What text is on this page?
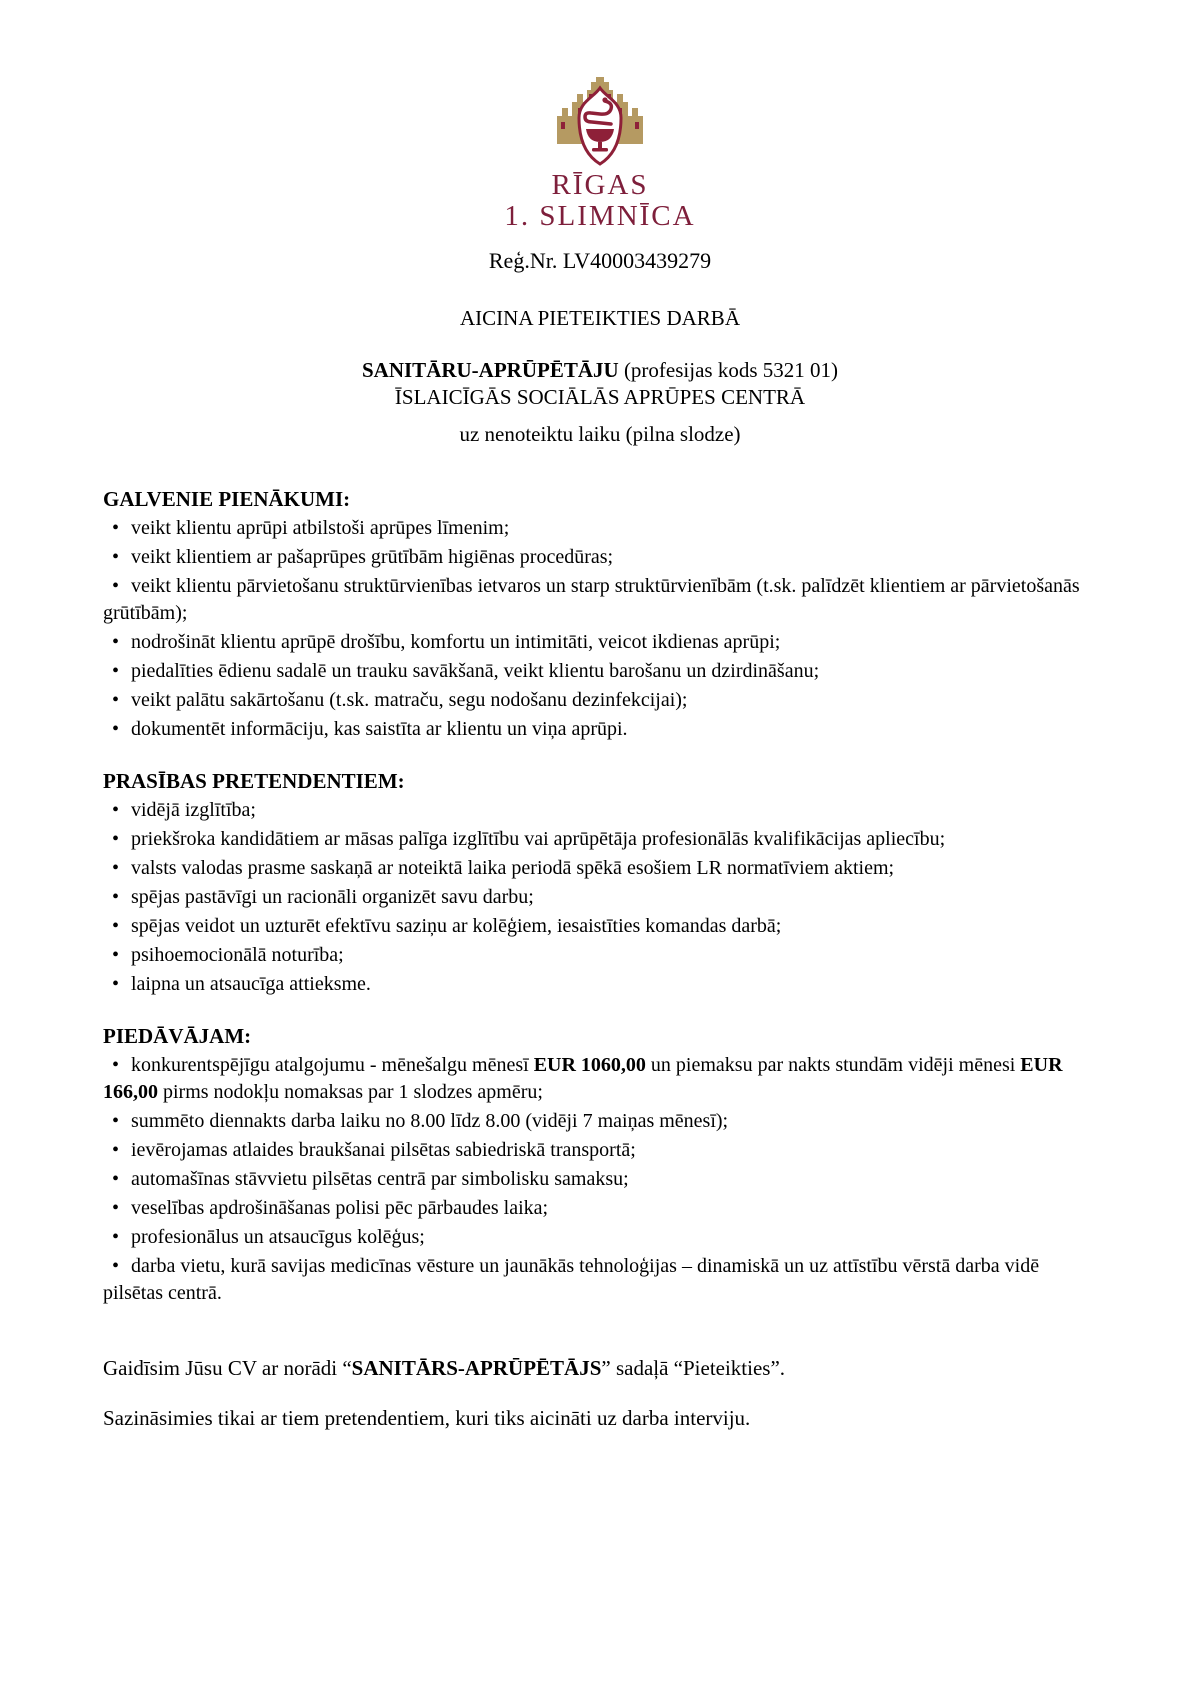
RĪGAS
1. SLIMNĪCA

Reģ.Nr. LV40003439279

AICINA PIETEIKTIES DARBĀ

SANITĀRU-APRŪPĒTĀJU (profesijas kods 5321 01)

ĪSLAICĪGĀS SOCIĀLĀS APRŪPES CENTRĀ

uz nenoteiktu laiku (pilna slodze)

GALVENIE PIENĀKUMI:

• veikt klientu aprūpi atbilstoši aprūpes līmenim;

• veikt klientiem ar pašaprūpes grūtībām higiēnas procedūras;

• veikt klientu pārvietošanu struktūrvienības ietvaros un starp struktūrvienībām (t.sk. palīdzēt klientiem ar pārvietošanās grūtībām);

• nodrošināt klientu aprūpē drošību, komfortu un intimitāti, veicot ikdienas aprūpi;

• piedalīties ēdienu sadalē un trauku savākšanā, veikt klientu barošanu un dzirdināšanu;

• veikt palātu sakārtošanu (t.sk. matraču, segu nodošanu dezinfekcijai);

• dokumentēt informāciju, kas saistīta ar klientu un viņa aprūpi.

PRASĪBAS PRETENDENTIEM:

• vidējā izglītība;

• priekšroka kandidātiem ar māsas palīga izglītību vai aprūpētāja profesionālās kvalifikācijas apliecību;

• valsts valodas prasme saskaņā ar noteiktā laika periodā spēkā esošiem LR normatīviem aktiem;

• spējas pastāvīgi un racionāli organizēt savu darbu;

• spējas veidot un uzturēt efektīvu saziņu ar kolēģiem, iesaistīties komandas darbā;

• psihoemocionālā noturība;

• laipna un atsaucīga attieksme.

PIEDĀVĀJAM:

• konkurentspējīgu atalgojumu - mēnešalgu mēnesī EUR 1060,00 un piemaksu par nakts stundām vidēji mēnesi EUR 166,00 pirms nodokļu nomaksas par 1 slodzes apmēru;

• summēto diennakts darba laiku no 8.00 līdz 8.00 (vidēji 7 maiņas mēnesī);

• ievērojamas atlaides braukšanai pilsētas sabiedriskā transportā;

• automašīnas stāvvietu pilsētas centrā par simbolisku samaksu;

• veselības apdrošināšanas polisi pēc pārbaudes laika;

• profesionālus un atsaucīgus kolēģus;

• darba vietu, kurā savijas medicīnas vēsture un jaunākās tehnoloģijas – dinamiskā un uz attīstību vērstā darba vidē pilsētas centrā.

Gaidīsim Jūsu CV ar norādi “SANITĀRS-APRŪPĒTĀJS” sadaļā “Pieteikties”.

Sazināsimies tikai ar tiem pretendentiem, kuri tiks aicināti uz darba interviju.
